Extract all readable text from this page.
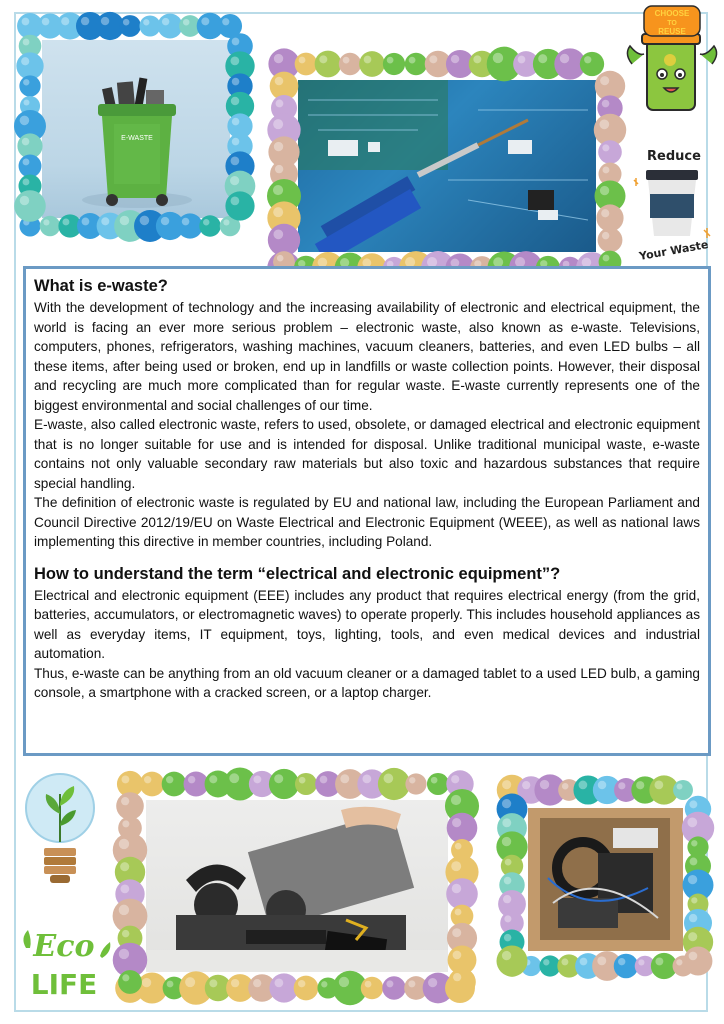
E-WASTE
CHOOSE
TO
REUSE
Reduce
Your Waste
Eco
LIFE
What is e-waste?

With the development of technology and the increasing availability of electronic and electrical equipment, the world is facing an ever more serious problem – electronic waste, also known as e-waste. Televisions, computers, phones, refrigerators, washing machines, vacuum cleaners, batteries, and even LED bulbs – all these items, after being used or broken, end up in landfills or waste collection points. However, their disposal and recycling are much more complicated than for regular waste. E-waste currently represents one of the biggest environmental and social challenges of our time.

E-waste, also called electronic waste, refers to used, obsolete, or damaged electrical and electronic equipment that is no longer suitable for use and is intended for disposal. Unlike traditional municipal waste, e-waste contains not only valuable secondary raw materials but also toxic and hazardous substances that require special handling.

The definition of electronic waste is regulated by EU and national law, including the European Parliament and Council Directive 2012/19/EU on Waste Electrical and Electronic Equipment (WEEE), as well as national laws implementing this directive in member countries, including Poland.

How to understand the term “electrical and electronic equipment”?

Electrical and electronic equipment (EEE) includes any product that requires electrical energy (from the grid, batteries, accumulators, or electromagnetic waves) to operate properly. This includes household appliances as well as everyday items, IT equipment, toys, lighting, tools, and even medical devices and industrial automation.

Thus, e-waste can be anything from an old vacuum cleaner or a damaged tablet to a used LED bulb, a gaming console, a smartphone with a cracked screen, or a laptop charger.
